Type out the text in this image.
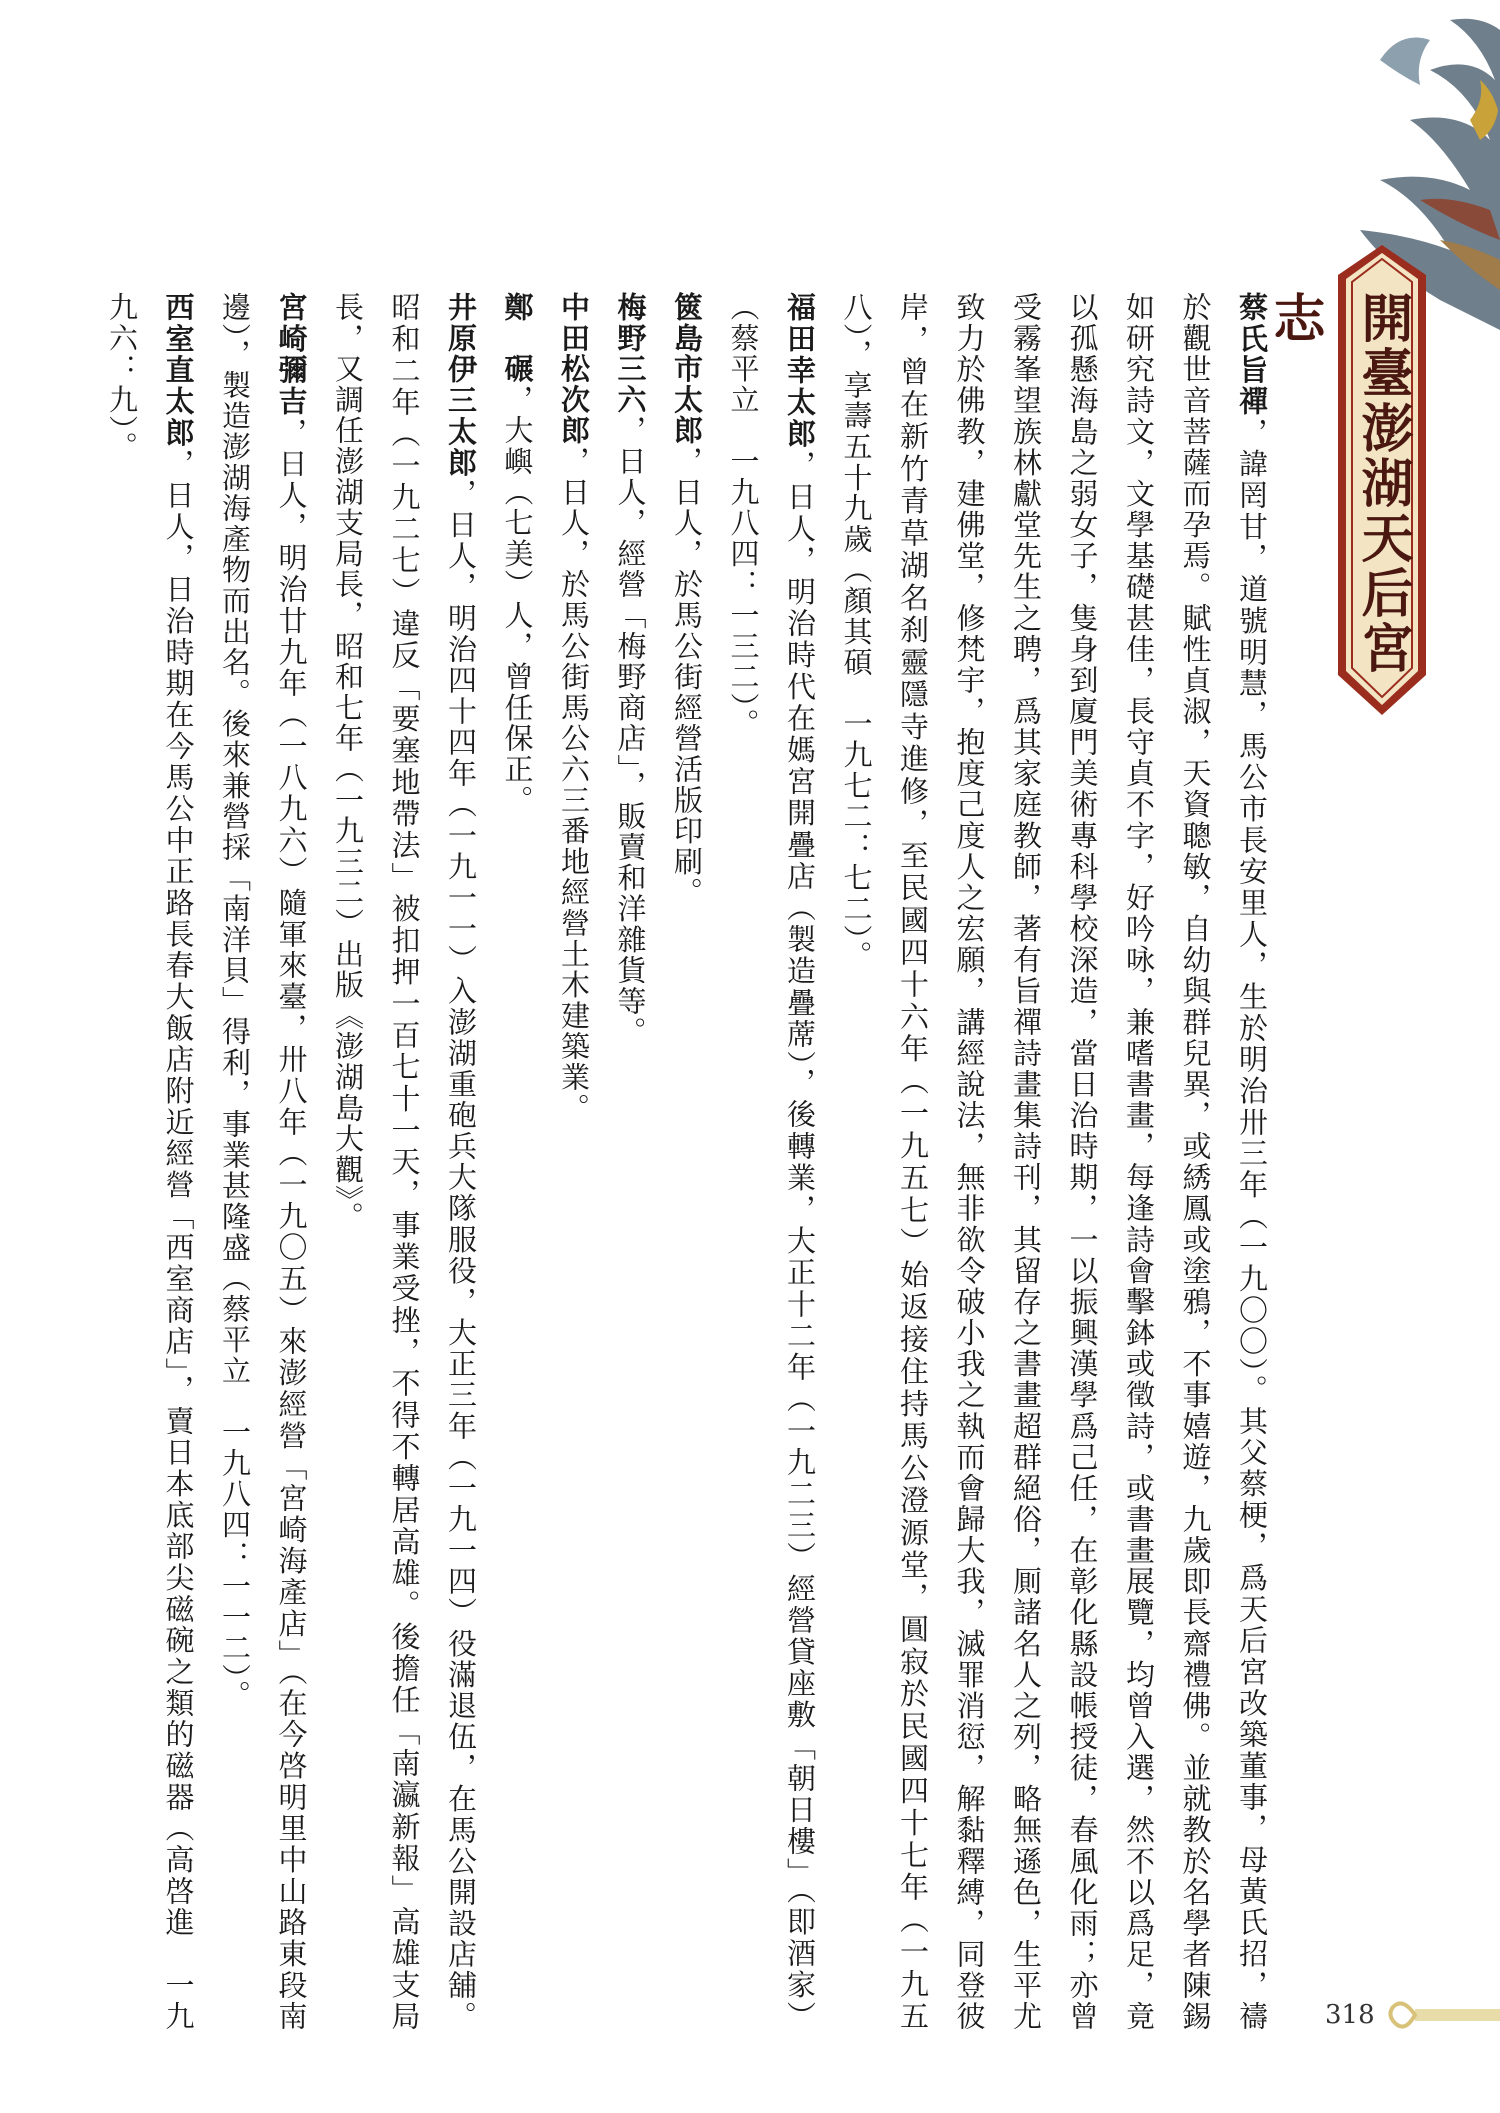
開臺澎湖天后宮志

蔡氏旨禪，諱罔甘，道號明慧，馬公市長安里人，生於明治卅三年（一九〇〇）。其父蔡梗，爲天后宮改築董事，母黃氏招，禱於觀世音菩薩而孕焉。賦性貞淑，天資聰敏，自幼與群兒異，或綉鳳或塗鴉，不事嬉遊，九歲即長齋禮佛。並就教於名學者陳錫如研究詩文，文學基礎甚佳，長守貞不字，好吟咏，兼嗜書畫，每逢詩會擊鉢或徵詩，或書畫展覽，均曾入選，然不以爲足，竟以孤懸海島之弱女子，隻身到廈門美術專科學校深造，當日治時期，一以振興漢學爲己任，在彰化縣設帳授徒，春風化雨；亦曾受霧峯望族林獻堂先生之聘，爲其家庭教師，著有旨禪詩畫集詩刊，其留存之書畫超群絕俗，厠諸名人之列，略無遜色，生平尤致力於佛教，建佛堂，修梵宇，抱度己度人之宏願，講經說法，無非欲令破小我之執而會歸大我，滅罪消愆，解黏釋縛，同登彼岸，曾在新竹青草湖名刹靈隱寺進修，至民國四十六年（一九五七）始返接住持馬公澄源堂，圓寂於民國四十七年（一九五八），享壽五十九歲（顏其碩　一九七二：七二）。

福田幸太郎，日人，明治時代在媽宮開疊店（製造疊蓆），後轉業，大正十二年（一九二三）經營貸座敷「朝日樓」（即酒家）（蔡平立　一九八四：一三二）。

篋島市太郎，日人，於馬公街經營活版印刷。

梅野三六，日人，經營「梅野商店」，販賣和洋雜貨等。

中田松次郎，日人，於馬公街馬公六三番地經營土木建築業。

鄭　碾，大嶼（七美）人，曾任保正。

井原伊三太郎，日人，明治四十四年（一九一一）入澎湖重砲兵大隊服役，大正三年（一九一四）役滿退伍，在馬公開設店舖。昭和二年（一九二七）違反「要塞地帶法」被扣押一百七十一天，事業受挫，不得不轉居高雄。後擔任「南瀛新報」高雄支局長，又調任澎湖支局長，昭和七年（一九三二）出版《澎湖島大觀》。

宮崎彌吉，日人，明治廿九年（一八九六）隨軍來臺，卅八年（一九〇五）來澎經營「宮崎海產店」（在今啓明里中山路東段南邊），製造澎湖海產物而出名。後來兼營採「南洋貝」得利，事業甚隆盛（蔡平立　一九八四：一一二）。

西室直太郎，日人，日治時期在今馬公中正路長春大飯店附近經營「西室商店」，賣日本底部尖磁碗之類的磁器（高啓進　一九九六：九）。

318
